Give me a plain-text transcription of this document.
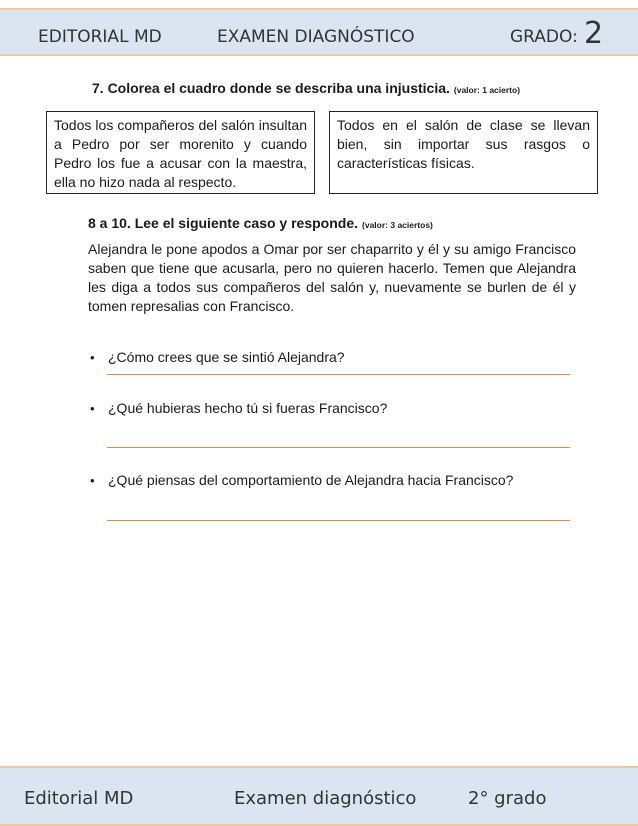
EDITORIAL MD	EXAMEN DIAGNÓSTICO	GRADO: 2
7. Colorea el cuadro donde se describa una injusticia. (valor: 1 acierto)
Todos los compañeros del salón insultan a Pedro por ser morenito y cuando Pedro los fue a acusar con la maestra, ella no hizo nada al respecto.
Todos en el salón de clase se llevan bien, sin importar sus rasgos o características físicas.
8 a 10. Lee el siguiente caso y responde. (valor: 3 aciertos)
Alejandra le pone apodos a Omar por ser chaparrito y él y su amigo Francisco saben que tiene que acusarla, pero no quieren hacerlo. Temen que Alejandra les diga a todos sus compañeros del salón y, nuevamente se burlen de él y tomen represalias con Francisco.
• ¿Cómo crees que se sintió Alejandra?
• ¿Qué hubieras hecho tú si fueras Francisco?
• ¿Qué piensas del comportamiento de Alejandra hacia Francisco?
Editorial MD	Examen diagnóstico	2° grado
